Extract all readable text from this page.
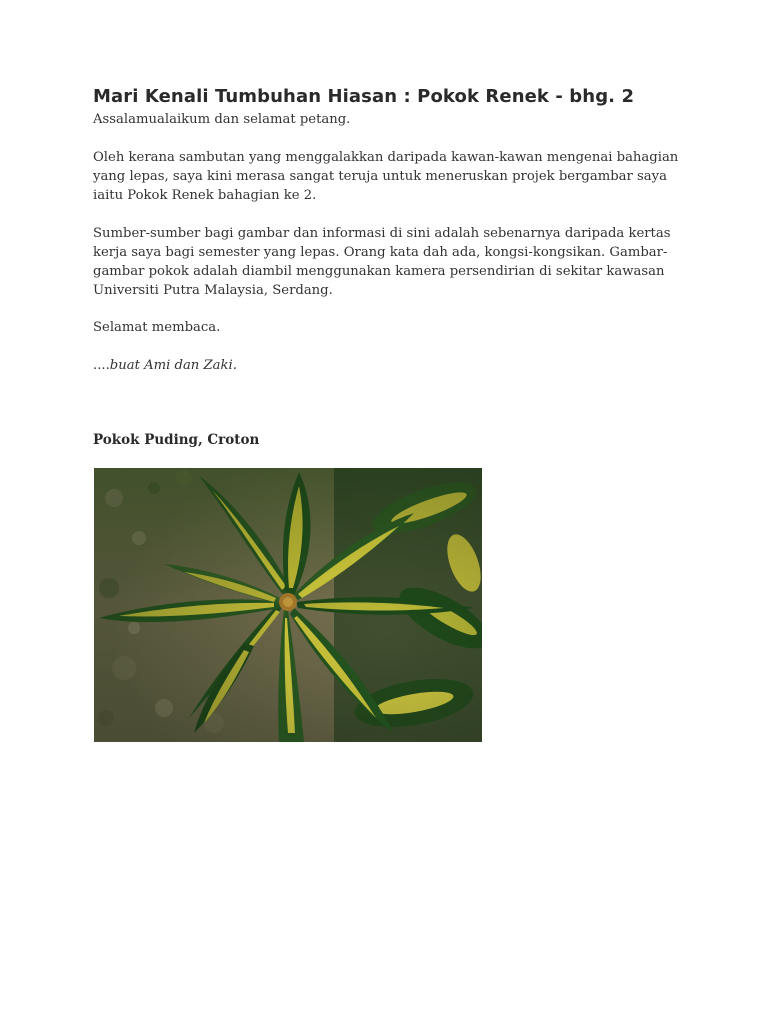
Mari Kenali Tumbuhan Hiasan : Pokok Renek - bhg. 2

Assalamualaikum dan selamat petang.

Oleh kerana sambutan yang menggalakkan daripada kawan-kawan mengenai bahagian yang lepas, saya kini merasa sangat teruja untuk meneruskan projek bergambar saya iaitu Pokok Renek bahagian ke 2.

Sumber-sumber bagi gambar dan informasi di sini adalah sebenarnya daripada kertas kerja saya bagi semester yang lepas. Orang kata dah ada, kongsi-kongsikan. Gambar-gambar pokok adalah diambil menggunakan kamera persendirian di sekitar kawasan Universiti Putra Malaysia, Serdang.

Selamat membaca.

....buat Ami dan Zaki.

Pokok Puding, Croton
